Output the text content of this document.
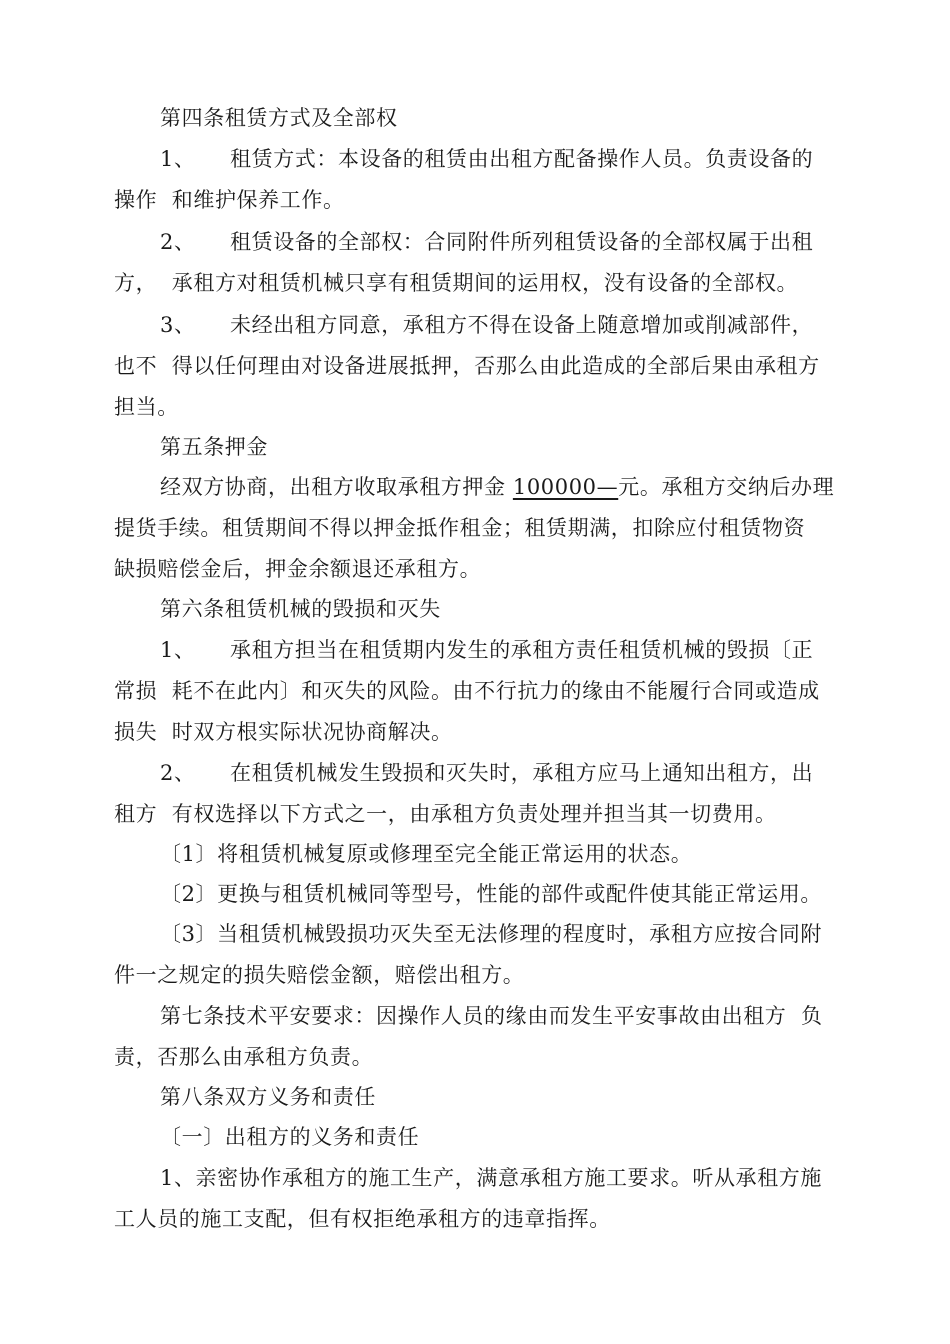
第四条租赁方式及全部权
1、 租赁方式：本设备的租赁由出租方配备操作人员。负责设备的
操作  和维护保养工作。
2、 租赁设备的全部权：合同附件所列租赁设备的全部权属于出租
方，  承租方对租赁机械只享有租赁期间的运用权，没有设备的全部权。
3、 未经出租方同意，承租方不得在设备上随意增加或削减部件，
也不  得以任何理由对设备进展抵押，否那么由此造成的全部后果由承租方
担当。
第五条押金
经双方协商，出租方收取承租方押金 100000—元。承租方交纳后办理
提货手续。租赁期间不得以押金抵作租金；租赁期满，扣除应付租赁物资
缺损赔偿金后，押金余额退还承租方。
第六条租赁机械的毁损和灭失
1、 承租方担当在租赁期内发生的承租方责任租赁机械的毁损〔正
常损  耗不在此内〕和灭失的风险。由不行抗力的缘由不能履行合同或造成
损失  时双方根实际状况协商解决。
2、 在租赁机械发生毁损和灭失时，承租方应马上通知出租方，出
租方  有权选择以下方式之一，由承租方负责处理并担当其一切费用。
〔1〕将租赁机械复原或修理至完全能正常运用的状态。
〔2〕更换与租赁机械同等型号，性能的部件或配件使其能正常运用。
〔3〕当租赁机械毁损功灭失至无法修理的程度时，承租方应按合同附
件一之规定的损失赔偿金额，赔偿出租方。
第七条技术平安要求：因操作人员的缘由而发生平安事故由出租方  负
责，否那么由承租方负责。
第八条双方义务和责任
〔一〕出租方的义务和责任
1、亲密协作承租方的施工生产，满意承租方施工要求。听从承租方施
工人员的施工支配，但有权拒绝承租方的违章指挥。
